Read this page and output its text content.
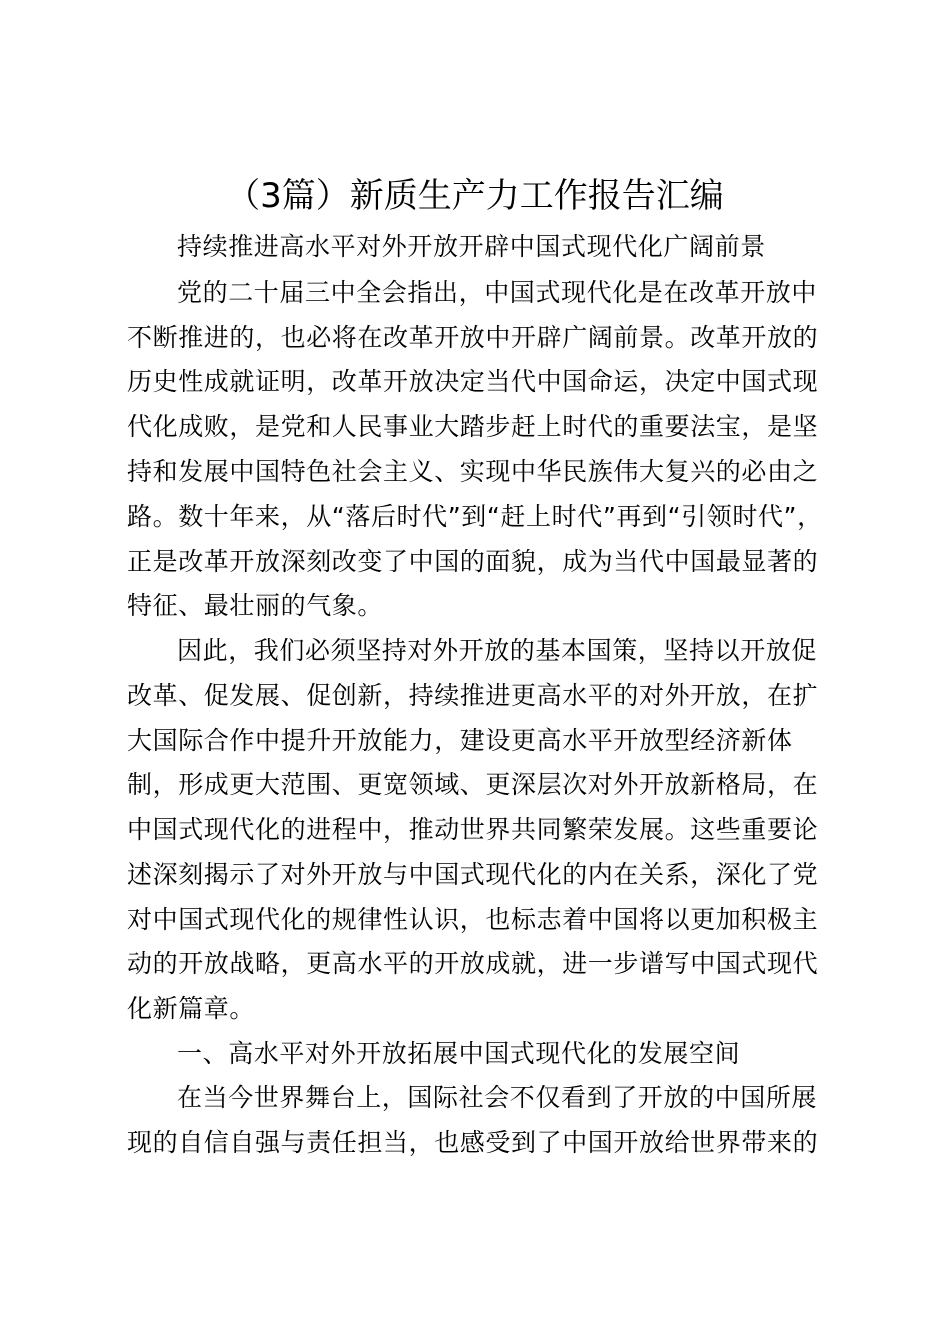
（3篇）新质生产力工作报告汇编
持续推进高水平对外开放开辟中国式现代化广阔前景
党的二十届三中全会指出，中国式现代化是在改革开放中
不断推进的，也必将在改革开放中开辟广阔前景。改革开放的
历史性成就证明，改革开放决定当代中国命运，决定中国式现
代化成败，是党和人民事业大踏步赶上时代的重要法宝，是坚
持和发展中国特色社会主义、实现中华民族伟大复兴的必由之
路。数十年来，从“落后时代”到“赶上时代”再到“引领时代”，
正是改革开放深刻改变了中国的面貌，成为当代中国最显著的
特征、最壮丽的气象。
因此，我们必须坚持对外开放的基本国策，坚持以开放促
改革、促发展、促创新，持续推进更高水平的对外开放，在扩
大国际合作中提升开放能力，建设更高水平开放型经济新体
制，形成更大范围、更宽领域、更深层次对外开放新格局，在
中国式现代化的进程中，推动世界共同繁荣发展。这些重要论
述深刻揭示了对外开放与中国式现代化的内在关系，深化了党
对中国式现代化的规律性认识，也标志着中国将以更加积极主
动的开放战略，更高水平的开放成就，进一步谱写中国式现代
化新篇章。
一、高水平对外开放拓展中国式现代化的发展空间
在当今世界舞台上，国际社会不仅看到了开放的中国所展
现的自信自强与责任担当，也感受到了中国开放给世界带来的
